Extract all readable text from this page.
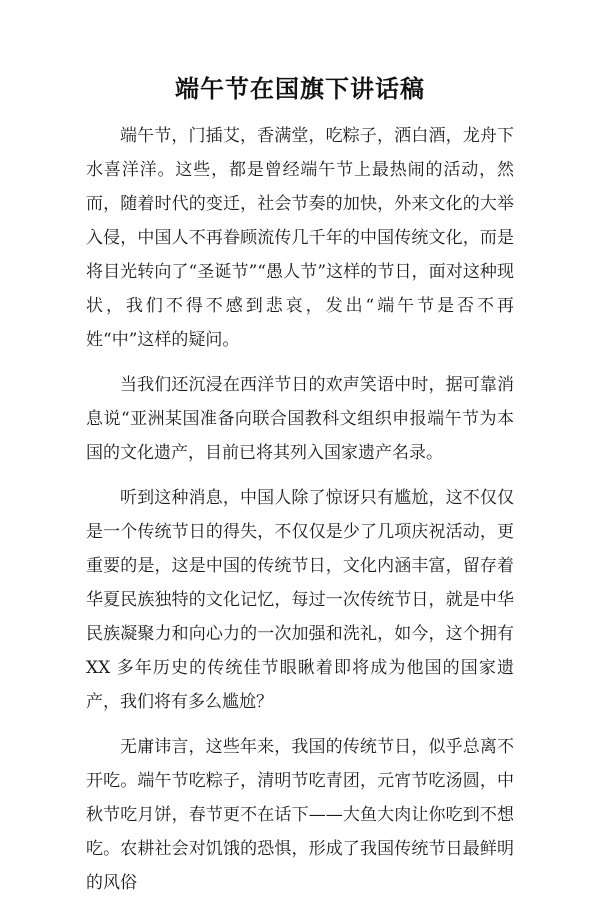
端午节在国旗下讲话稿

端午节，门插艾，香满堂，吃粽子，洒白酒，龙舟下水喜洋洋。这些，都是曾经端午节上最热闹的活动，然而，随着时代的变迁，社会节奏的加快，外来文化的大举入侵，中国人不再眷顾流传几千年的中国传统文化，而是将目光转向了“圣诞节”“愚人节”这样的节日，面对这种现状，我们不得不感到悲哀，发出“端午节是否不再姓“中”这样的疑问。

当我们还沉浸在西洋节日的欢声笑语中时，据可靠消息说“亚洲某国准备向联合国教科文组织申报端午节为本国的文化遗产，目前已将其列入国家遗产名录。

听到这种消息，中国人除了惊讶只有尴尬，这不仅仅是一个传统节日的得失，不仅仅是少了几项庆祝活动，更重要的是，这是中国的传统节日，文化内涵丰富，留存着华夏民族独特的文化记忆，每过一次传统节日，就是中华民族凝聚力和向心力的一次加强和洗礼，如今，这个拥有 XX 多年历史的传统佳节眼瞅着即将成为他国的国家遗产，我们将有多么尴尬？

无庸讳言，这些年来，我国的传统节日，似乎总离不开吃。端午节吃粽子，清明节吃青团，元宵节吃汤圆，中秋节吃月饼，春节更不在话下——大鱼大肉让你吃到不想吃。农耕社会对饥饿的恐惧，形成了我国传统节日最鲜明的风俗
